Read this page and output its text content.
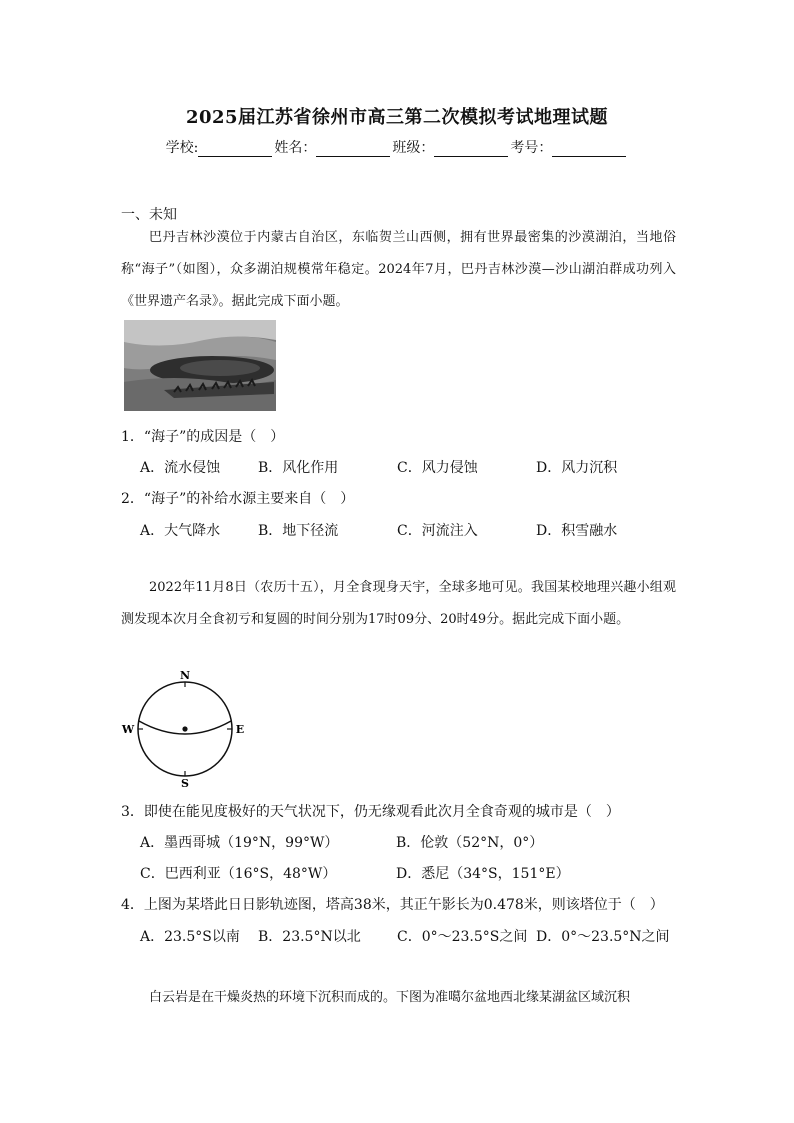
2025届江苏省徐州市高三第二次模拟考试地理试题
学校:	姓名：	班级：	考号：
一、未知
巴丹吉林沙漠位于内蒙古自治区，东临贺兰山西侧，拥有世界最密集的沙漠湖泊，当地俗称“海子”（如图），众多湖泊规模常年稳定。2024年7月，巴丹吉林沙漠—沙山湖泊群成功列入《世界遗产名录》。据此完成下面小题。
1．“海子”的成因是（　）
A．流水侵蚀	B．风化作用	C．风力侵蚀	D．风力沉积
2．“海子”的补给水源主要来自（　）
A．大气降水	B．地下径流	C．河流注入	D．积雪融水
2022年11月8日（农历十五），月全食现身天宇，全球多地可见。我国某校地理兴趣小组观测发现本次月全食初亏和复圆的时间分别为17时09分、20时49分。据此完成下面小题。
N
S
W	E
3．即使在能见度极好的天气状况下，仍无缘观看此次月全食奇观的城市是（　）
A．墨西哥城（19°N，99°W）	B．伦敦（52°N，0°）
C．巴西利亚（16°S，48°W）	D．悉尼（34°S，151°E）
4．上图为某塔此日日影轨迹图，塔高38米，其正午影长为0.478米，则该塔位于（　）
A．23.5°S以南	B．23.5°N以北	C．0°～23.5°S之间 D．0°～23.5°N之间
白云岩是在干燥炎热的环境下沉积而成的。下图为准噶尔盆地西北缘某湖盆区域沉积
